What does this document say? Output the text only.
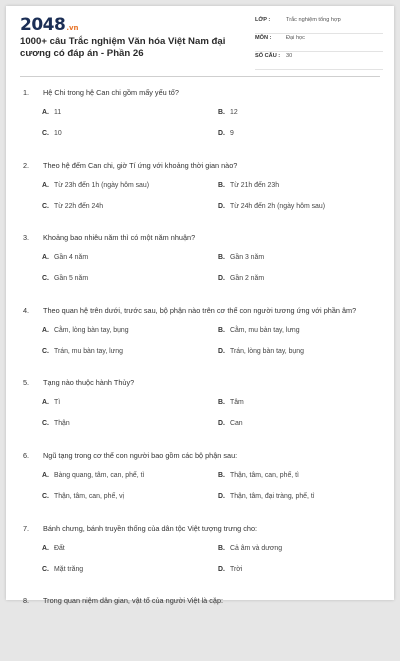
2048.vn
1000+ câu Trắc nghiệm Văn hóa Việt Nam đại cương có đáp án - Phần 26
LỚP :	Trắc nghiệm tổng hợp
MÔN :	Đại học
SỐ CÂU :	30
1. Hệ Chi trong hệ Can chi gồm mấy yếu tố?
A. 11	B. 12
C. 10	D. 9
2. Theo hệ đếm Can chi, giờ Tí ứng với khoảng thời gian nào?
A. Từ 23h đến 1h (ngày hôm sau)	B. Từ 21h đến 23h
C. Từ 22h đến 24h	D. Từ 24h đến 2h (ngày hôm sau)
3. Khoảng bao nhiêu năm thì có một năm nhuận?
A. Gần 4 năm	B. Gần 3 năm
C. Gần 5 năm	D. Gần 2 năm
4. Theo quan hệ trên dưới, trước sau, bộ phận nào trên cơ thể con người tương ứng với phần âm?
A. Cằm, lòng bàn tay, bụng	B. Cằm, mu bàn tay, lưng
C. Trán, mu bàn tay, lưng	D. Trán, lòng bàn tay, bụng
5. Tạng nào thuộc hành Thủy?
A. Tì	B. Tâm
C. Thận	D. Can
6. Ngũ tạng trong cơ thể con người bao gồm các bộ phận sau:
A. Bàng quang, tâm, can, phế, tì	B. Thận, tâm, can, phế, tì
C. Thận, tâm, can, phế, vị	D. Thận, tâm, đại tràng, phế, tì
7. Bánh chưng, bánh truyền thống của dân tộc Việt tượng trưng cho:
A. Đất	B. Cả âm và dương
C. Mặt trăng	D. Trời
8. Trong quan niệm dân gian, vật tổ của người Việt là cặp:
